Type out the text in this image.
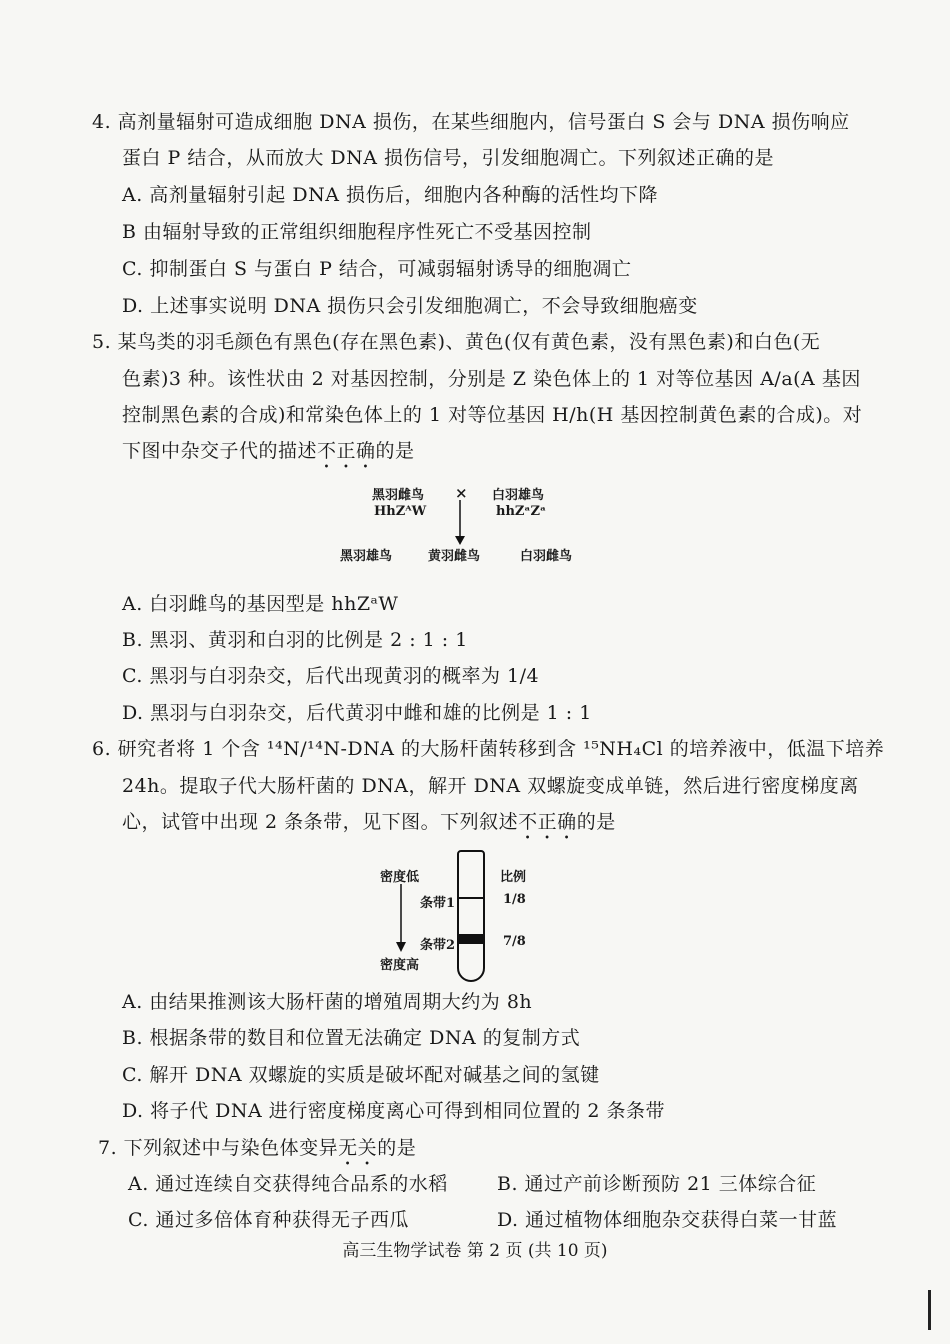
4. 高剂量辐射可造成细胞 DNA 损伤，在某些细胞内，信号蛋白 S 会与 DNA 损伤响应
蛋白 P 结合，从而放大 DNA 损伤信号，引发细胞凋亡。下列叙述正确的是
A. 高剂量辐射引起 DNA 损伤后，细胞内各种酶的活性均下降
B 由辐射导致的正常组织细胞程序性死亡不受基因控制
C. 抑制蛋白 S 与蛋白 P 结合，可减弱辐射诱导的细胞凋亡
D. 上述事实说明 DNA 损伤只会引发细胞凋亡，不会导致细胞癌变
5. 某鸟类的羽毛颜色有黑色(存在黑色素)、黄色(仅有黄色素，没有黑色素)和白色(无
色素)3 种。该性状由 2 对基因控制，分别是 Z 染色体上的 1 对等位基因 A/a(A 基因
控制黑色素的合成)和常染色体上的 1 对等位基因 H/h(H 基因控制黄色素的合成)。对
下图中杂交子代的描述不正确的是
黑羽雌鸟
HhZᴬW
× 白羽雄鸟
hhZᵃZᵃ
黑羽雄鸟	黄羽雌鸟	白羽雌鸟
A. 白羽雌鸟的基因型是 hhZᵃW
B. 黑羽、黄羽和白羽的比例是 2 : 1 : 1
C. 黑羽与白羽杂交，后代出现黄羽的概率为 1/4
D. 黑羽与白羽杂交，后代黄羽中雌和雄的比例是 1 : 1
6. 研究者将 1 个含 ¹⁴N/¹⁴N-DNA 的大肠杆菌转移到含 ¹⁵NH₄Cl 的培养液中，低温下培养
24h。提取子代大肠杆菌的 DNA，解开 DNA 双螺旋变成单链，然后进行密度梯度离
心，试管中出现 2 条条带，见下图。下列叙述不正确的是
密度低
密度高
条带1
条带2
比例
1/8
7/8
A. 由结果推测该大肠杆菌的增殖周期大约为 8h
B. 根据条带的数目和位置无法确定 DNA 的复制方式
C. 解开 DNA 双螺旋的实质是破坏配对碱基之间的氢键
D. 将子代 DNA 进行密度梯度离心可得到相同位置的 2 条条带
7. 下列叙述中与染色体变异无关的是
A. 通过连续自交获得纯合品系的水稻	B. 通过产前诊断预防 21 三体综合征
C. 通过多倍体育种获得无子西瓜	D. 通过植物体细胞杂交获得白菜一甘蓝
高三生物学试卷 第 2 页 (共 10 页)
